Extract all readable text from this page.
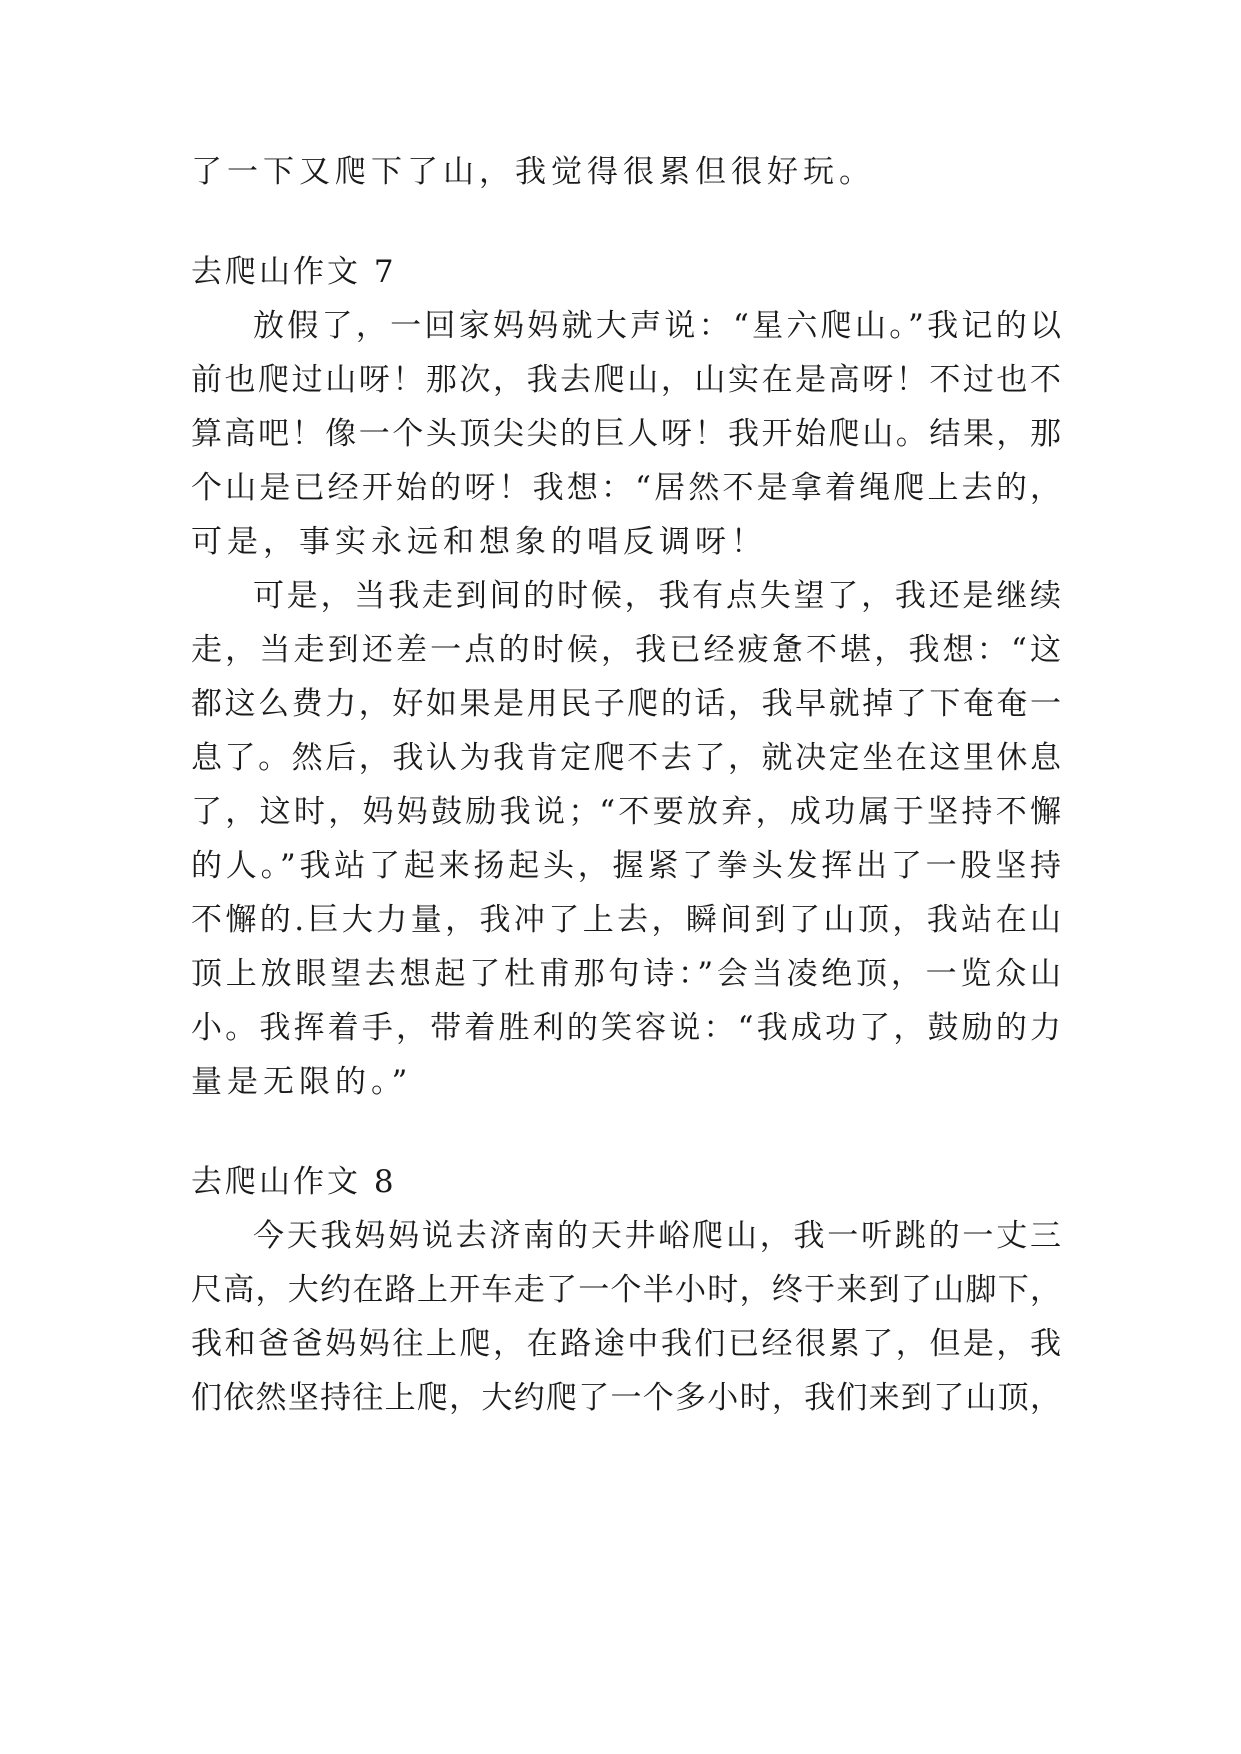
了一下又爬下了山，我觉得很累但很好玩。
去爬山作文 7
放假了，一回家妈妈就大声说：“星六爬山。”我记的以
前也爬过山呀！那次，我去爬山，山实在是高呀！不过也不
算高吧！像一个头顶尖尖的巨人呀！我开始爬山。结果，那
个山是已经开始的呀！我想：“居然不是拿着绳爬上去的，
可是，事实永远和想象的唱反调呀！
可是，当我走到间的时候，我有点失望了，我还是继续
走，当走到还差一点的时候，我已经疲惫不堪，我想：“这
都这么费力，好如果是用民子爬的话，我早就掉了下奄奄一
息了。然后，我认为我肯定爬不去了，就决定坐在这里休息
了，这时，妈妈鼓励我说；“不要放弃，成功属于坚持不懈
的人。”我站了起来扬起头，握紧了拳头发挥出了一股坚持
不懈的.巨大力量，我冲了上去，瞬间到了山顶，我站在山
顶上放眼望去想起了杜甫那句诗：”会当凌绝顶，一览众山
小。我挥着手，带着胜利的笑容说：“我成功了，鼓励的力
量是无限的。”
去爬山作文 8
今天我妈妈说去济南的天井峪爬山，我一听跳的一丈三
尺高，大约在路上开车走了一个半小时，终于来到了山脚下，
我和爸爸妈妈往上爬，在路途中我们已经很累了，但是，我
们依然坚持往上爬，大约爬了一个多小时，我们来到了山顶，
